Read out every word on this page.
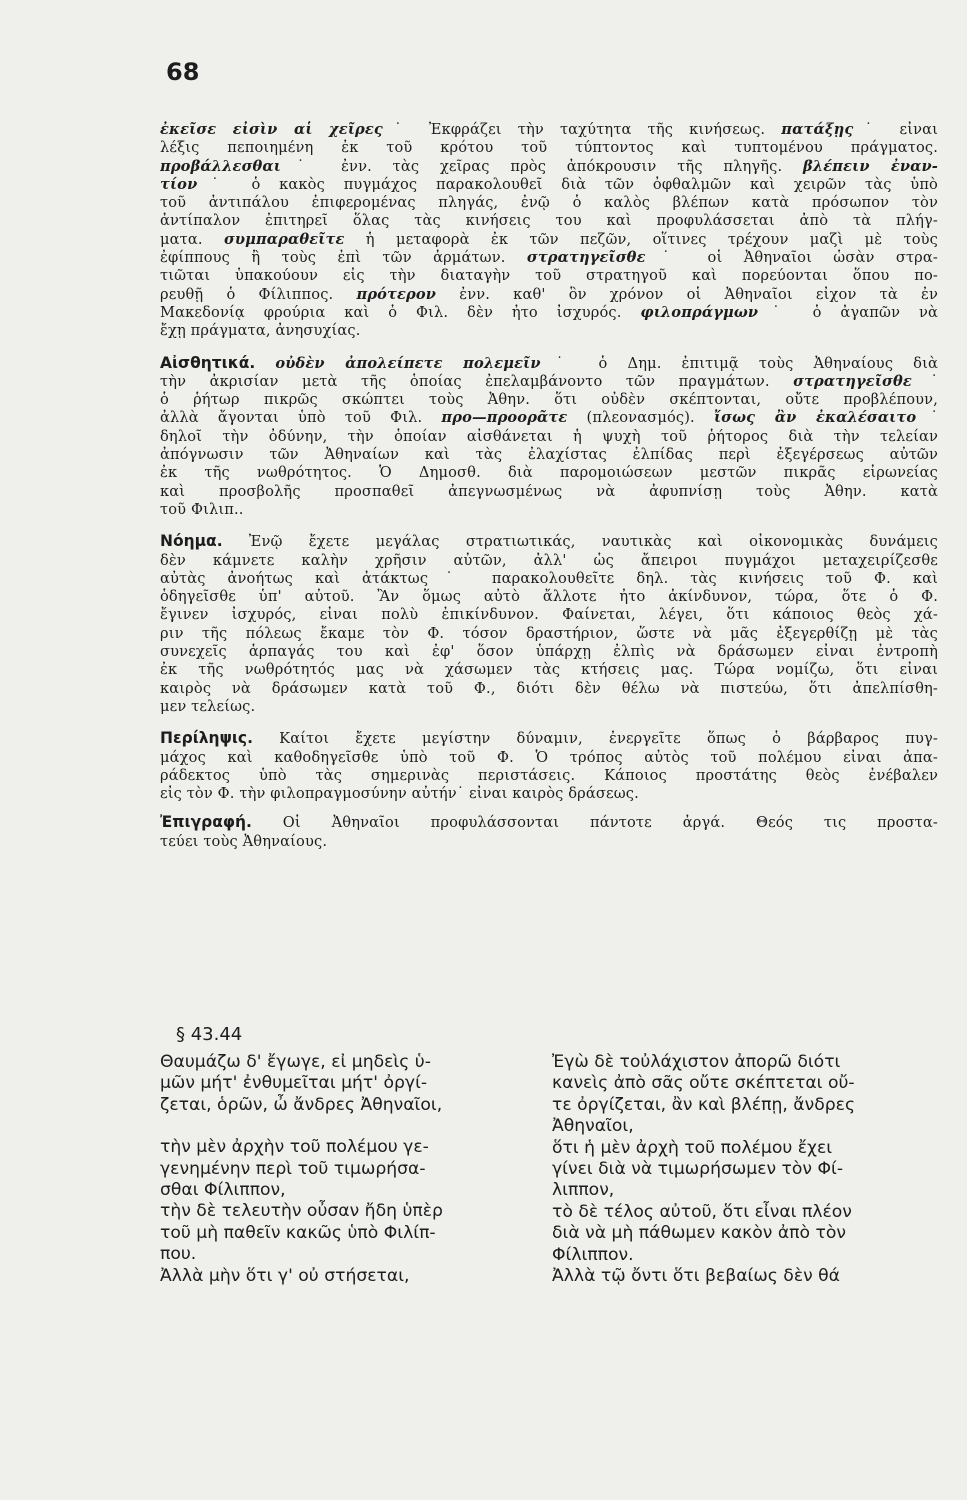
68
ἐκεῖσε εἰσὶν αἱ χεῖρες˙ Ἐκφράζει τὴν ταχύτητα τῆς κινήσεως. πατάξῃς˙ εἶναι
λέξις πεποιημένη ἐκ τοῦ κρότου τοῦ τύπτοντος καὶ τυπτομένου πράγματος.
προβάλλεσθαι˙ ἐνν. τὰς χεῖρας πρὸς ἀπόκρουσιν τῆς πληγῆς. βλέπειν ἐναν-
τίον˙ ὁ κακὸς πυγμάχος παρακολουθεῖ διὰ τῶν ὀφθαλμῶν καὶ χειρῶν τὰς ὑπὸ
τοῦ ἀντιπάλου ἐπιφερομένας πληγάς, ἐνῷ ὁ καλὸς βλέπων κατὰ πρόσωπον τὸν
ἀντίπαλον ἐπιτηρεῖ ὅλας τὰς κινήσεις του καὶ προφυλάσσεται ἀπὸ τὰ πλήγ-
ματα. συμπαραθεῖτε ἡ μεταφορὰ ἐκ τῶν πεζῶν, οἵτινες τρέχουν μαζὶ μὲ τοὺς
ἐφίππους ἢ τοὺς ἐπὶ τῶν ἁρμάτων. στρατηγεῖσθε˙ οἱ Ἀθηναῖοι ὡσὰν στρα-
τιῶται ὑπακούουν εἰς τὴν διαταγὴν τοῦ στρατηγοῦ καὶ πορεύονται ὅπου πο-
ρευθῇ ὁ Φίλιππος. πρότερον ἐνν. καθ' ὃν χρόνον οἱ Ἀθηναῖοι εἶχον τὰ ἐν
Μακεδονίᾳ φρούρια καὶ ὁ Φιλ. δὲν ἦτο ἰσχυρός. φιλοπράγμων˙ ὁ ἀγαπῶν νὰ
ἔχῃ πράγματα, ἀνησυχίας.
Αἰσθητικά. οὐδὲν ἀπολείπετε πολεμεῖν˙ ὁ Δημ. ἐπιτιμᾷ τοὺς Ἀθηναίους διὰ
τὴν ἀκρισίαν μετὰ τῆς ὁποίας ἐπελαμβάνοντο τῶν πραγμάτων. στρατηγεῖσθε˙
ὁ ῥήτωρ πικρῶς σκώπτει τοὺς Ἀθην. ὅτι οὐδὲν σκέπτονται, οὔτε προβλέπουν,
ἀλλὰ ἄγονται ὑπὸ τοῦ Φιλ. προ—προορᾶτε (πλεονασμός). ἴσως ἂν ἐκαλέσαιτο˙
δηλοῖ τὴν ὀδύνην, τὴν ὁποίαν αἰσθάνεται ἡ ψυχὴ τοῦ ῥήτορος διὰ τὴν τελείαν
ἀπόγνωσιν τῶν Ἀθηναίων καὶ τὰς ἐλαχίστας ἐλπίδας περὶ ἐξεγέρσεως αὐτῶν
ἐκ τῆς νωθρότητος. Ὁ Δημοσθ. διὰ παρομοιώσεων μεστῶν πικρᾶς εἰρωνείας
καὶ προσβολῆς προσπαθεῖ ἀπεγνωσμένως νὰ ἀφυπνίσῃ τοὺς Ἀθην. κατὰ
τοῦ Φιλιπ..
Νόημα. Ἐνῷ ἔχετε μεγάλας στρατιωτικάς, ναυτικὰς καὶ οἰκονομικὰς δυνάμεις
δὲν κάμνετε καλὴν χρῆσιν αὐτῶν, ἀλλ' ὡς ἄπειροι πυγμάχοι μεταχειρίζεσθε
αὐτὰς ἀνοήτως καὶ ἀτάκτως˙ παρακολουθεῖτε δηλ. τὰς κινήσεις τοῦ Φ. καὶ
ὁδηγεῖσθε ὑπ' αὐτοῦ. Ἂν ὅμως αὐτὸ ἄλλοτε ἦτο ἀκίνδυνον, τώρα, ὅτε ὁ Φ.
ἔγινεν ἰσχυρός, εἶναι πολὺ ἐπικίνδυνον. Φαίνεται, λέγει, ὅτι κάποιος θεὸς χά-
ριν τῆς πόλεως ἔκαμε τὸν Φ. τόσον δραστήριον, ὥστε νὰ μᾶς ἐξεγερθίζῃ μὲ τὰς
συνεχεῖς ἁρπαγάς του καὶ ἐφ' ὅσον ὑπάρχῃ ἐλπὶς νὰ δράσωμεν εἶναι ἐντροπὴ
ἐκ τῆς νωθρότητός μας νὰ χάσωμεν τὰς κτήσεις μας. Τώρα νομίζω, ὅτι εἶναι
καιρὸς νὰ δράσωμεν κατὰ τοῦ Φ., διότι δὲν θέλω νὰ πιστεύω, ὅτι ἀπελπίσθη-
μεν τελείως.
Περίληψις. Καίτοι ἔχετε μεγίστην δύναμιν, ἐνεργεῖτε ὅπως ὁ βάρβαρος πυγ-
μάχος καὶ καθοδηγεῖσθε ὑπὸ τοῦ Φ. Ὁ τρόπος αὐτὸς τοῦ πολέμου εἶναι ἀπα-
ράδεκτος ὑπὸ τὰς σημερινὰς περιστάσεις. Κάποιος προστάτης θεὸς ἐνέβαλεν
εἰς τὸν Φ. τὴν φιλοπραγμοσύνην αὐτήν˙ εἶναι καιρὸς δράσεως.
Ἐπιγραφή. Οἱ Ἀθηναῖοι προφυλάσσονται πάντοτε ἀργά. Θεός τις προστα-
τεύει τοὺς Ἀθηναίους.
§ 43.44
Θαυμάζω δ' ἔγωγε, εἰ μηδεὶς ὑ-
μῶν μήτ' ἐνθυμεῖται μήτ' ὀργί-
ζεται, ὁρῶν, ὦ ἄνδρες Ἀθηναῖοι,
τὴν μὲν ἀρχὴν τοῦ πολέμου γε-
γενημένην περὶ τοῦ τιμωρήσα-
σθαι Φίλιππον,
τὴν δὲ τελευτὴν οὖσαν ἤδη ὑπὲρ
τοῦ μὴ παθεῖν κακῶς ὑπὸ Φιλίπ-
που.
Ἀλλὰ μὴν ὅτι γ' οὐ στήσεται,
Ἐγὼ δὲ τοὐλάχιστον ἀπορῶ διότι
κανεὶς ἀπὸ σᾶς οὔτε σκέπτεται οὔ-
τε ὀργίζεται, ἂν καὶ βλέπῃ, ἄνδρες
Ἀθηναῖοι,
ὅτι ἡ μὲν ἀρχὴ τοῦ πολέμου ἔχει
γίνει διὰ νὰ τιμωρήσωμεν τὸν Φί-
λιππον,
τὸ δὲ τέλος αὐτοῦ, ὅτι εἶναι πλέον
διὰ νὰ μὴ πάθωμεν κακὸν ἀπὸ τὸν
Φίλιππον.
Ἀλλὰ τῷ ὄντι ὅτι βεβαίως δὲν θά
